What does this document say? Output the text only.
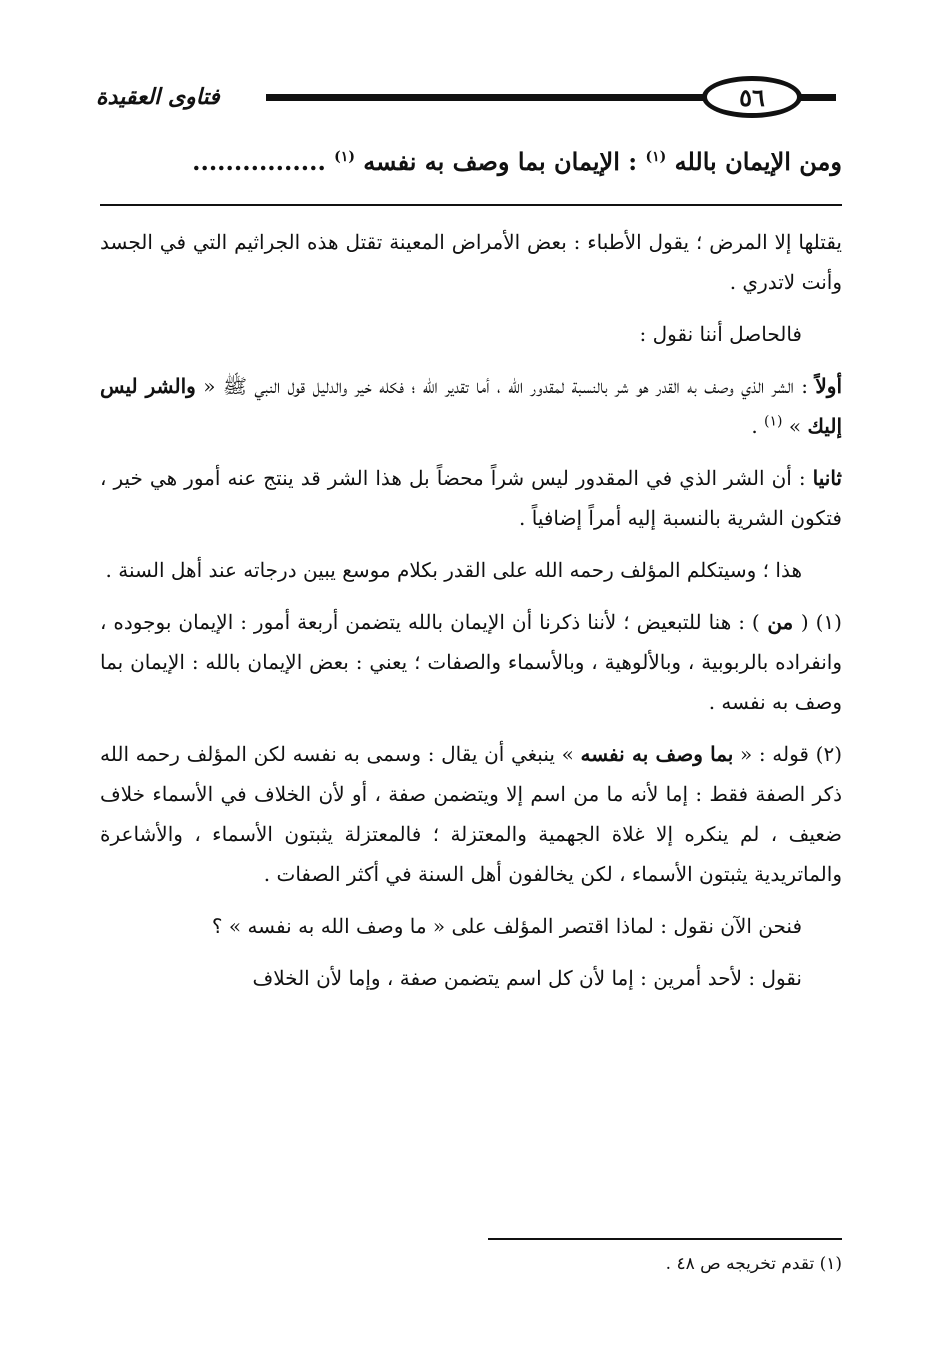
٥٦
فتاوى العقيدة
ومن الإيمان بالله $^{(١)}$ : الإيمان بما وصف به نفسه $^{(١)}$ ................

يقتلها إلا المرض ؛ يقول الأطباء : بعض الأمراض المعينة تقتل هذه الجراثيم التي في الجسد وأنت لاتدري .

فالحاصل أننا نقول :

أولاً : الشر الذي وصف به القدر هو شر بالنسبة لمقدور الله ، أما تقدير الله ؛ فكله خير والدليل قول النبي ﷺ « والشر ليس إليك » $^{(١)}$ .

ثانيا : أن الشر الذي في المقدور ليس شراً محضاً بل هذا الشر قد ينتج عنه أمور هي خير ، فتكون الشرية بالنسبة إليه أمراً إضافياً .

هذا ؛ وسيتكلم المؤلف رحمه الله على القدر بكلام موسع يبين درجاته عند أهل السنة .

(١) ( من ) : هنا للتبعيض ؛ لأننا ذكرنا أن الإيمان بالله يتضمن أربعة أمور : الإيمان بوجوده ، وانفراده بالربوبية ، وبالألوهية ، وبالأسماء والصفات ؛ يعني : بعض الإيمان بالله : الإيمان بما وصف به نفسه .

(٢) قوله : « بما وصف به نفسه » ينبغي أن يقال : وسمى به نفسه لكن المؤلف رحمه الله ذكر الصفة فقط : إما لأنه ما من اسم إلا ويتضمن صفة ، أو لأن الخلاف في الأسماء خلاف ضعيف ، لم ينكره إلا غلاة الجهمية والمعتزلة ؛ فالمعتزلة يثبتون الأسماء ، والأشاعرة والماتريدية يثبتون الأسماء ، لكن يخالفون أهل السنة في أكثر الصفات .

فنحن الآن نقول : لماذا اقتصر المؤلف على « ما وصف الله به نفسه » ؟

نقول : لأحد أمرين : إما لأن كل اسم يتضمن صفة ، وإما لأن الخلاف

(١) تقدم تخريجه ص ٤٨ .
